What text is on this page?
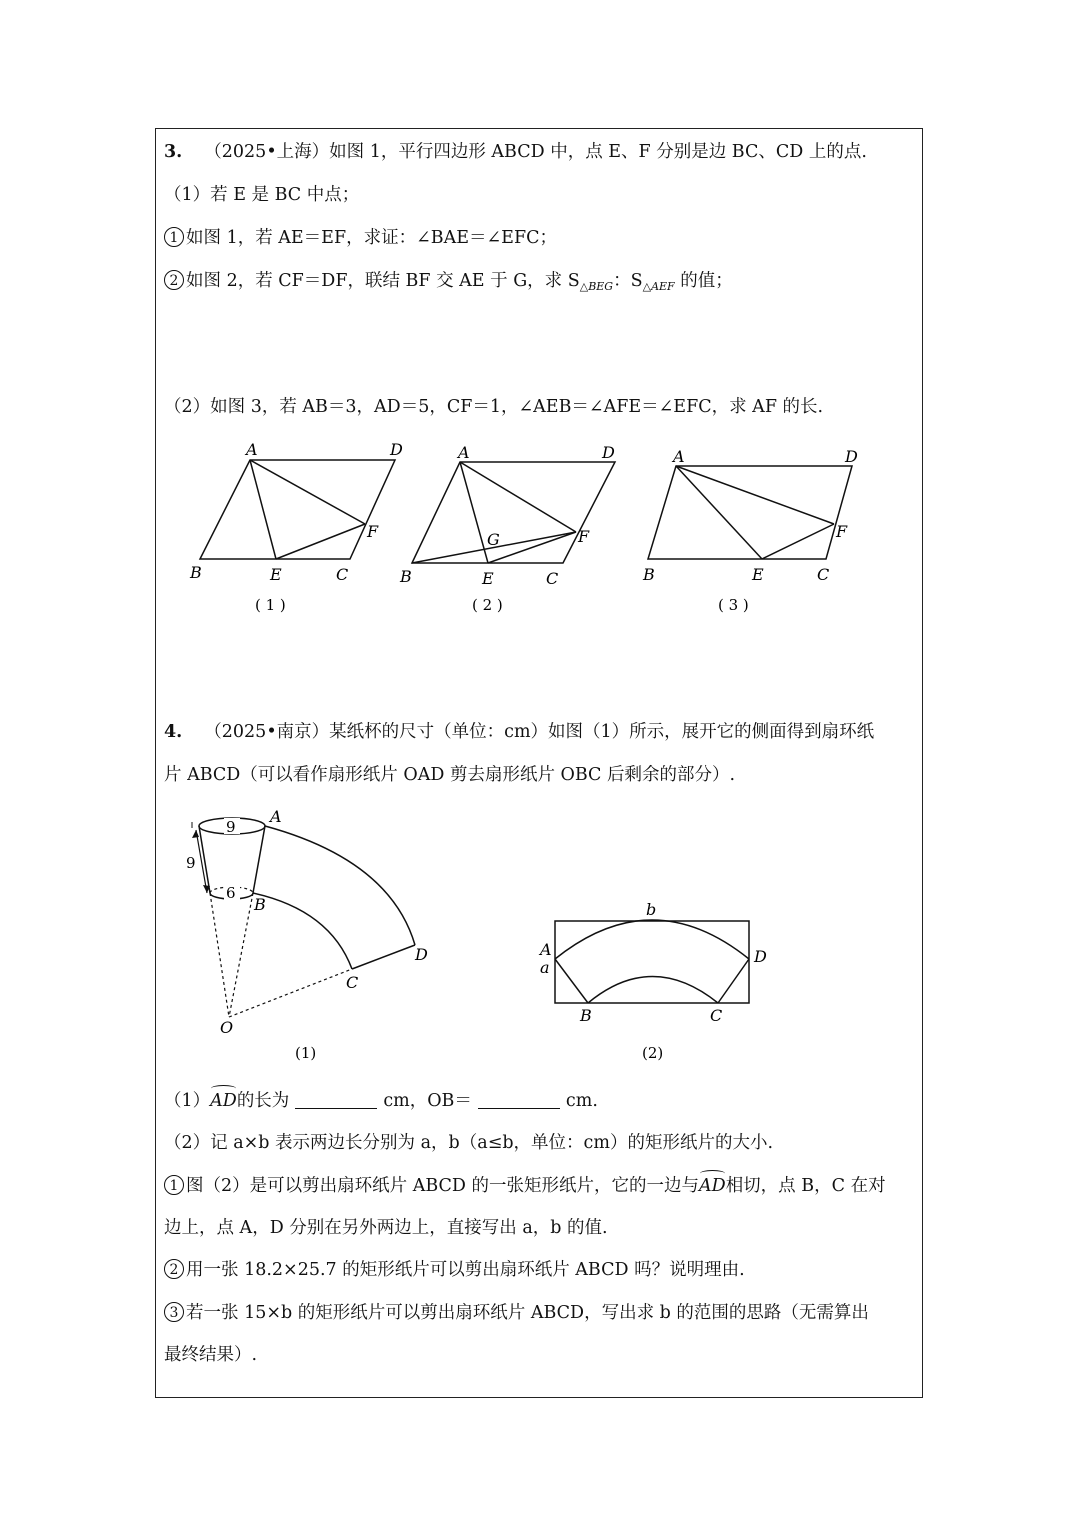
3. （2025•上海）如图 1，平行四边形 ABCD 中，点 E、F 分别是边 BC、CD 上的点.
（1）若 E 是 BC 中点；
1 如图 1，若 AE＝EF，求证：∠BAE＝∠EFC；
2 如图 2，若 CF＝DF，联结 BF 交 AE 于 G，求 $S_{\triangle BEG}$：$S_{\triangle AEF}$ 的值；
（2）如图 3，若 AB＝3，AD＝5，CF＝1，∠AEB＝∠AFE＝∠EFC，求 AF 的长.
A	D
F
B	E	C
( 1 )
A	D
F
G
B	E	C
( 2 )
A	D
F
B	E	C
( 3 )
4. （2025•南京）某纸杯的尺寸（单位：cm）如图（1）所示，展开它的侧面得到扇环纸
片 ABCD（可以看作扇形纸片 OAD 剪去扇形纸片 OBC 后剩余的部分）.
9
9
6
A
B
C
D
O
(1)
b
A
a
D
B	C
(2)
（1）AD的长为	cm，OB＝	cm.
（2）记 a×b 表示两边长分别为 a，b（a≤b，单位：cm）的矩形纸片的大小.
1 图（2）是可以剪出扇环纸片 ABCD 的一张矩形纸片，它的一边与AD相切，点 B，C 在对
边上，点 A，D 分别在另外两边上，直接写出 a，b 的值.
2 用一张 18.2×25.7 的矩形纸片可以剪出扇环纸片 ABCD 吗？说明理由.
3 若一张 15×b 的矩形纸片可以剪出扇环纸片 ABCD，写出求 b 的范围的思路（无需算出
最终结果）.
